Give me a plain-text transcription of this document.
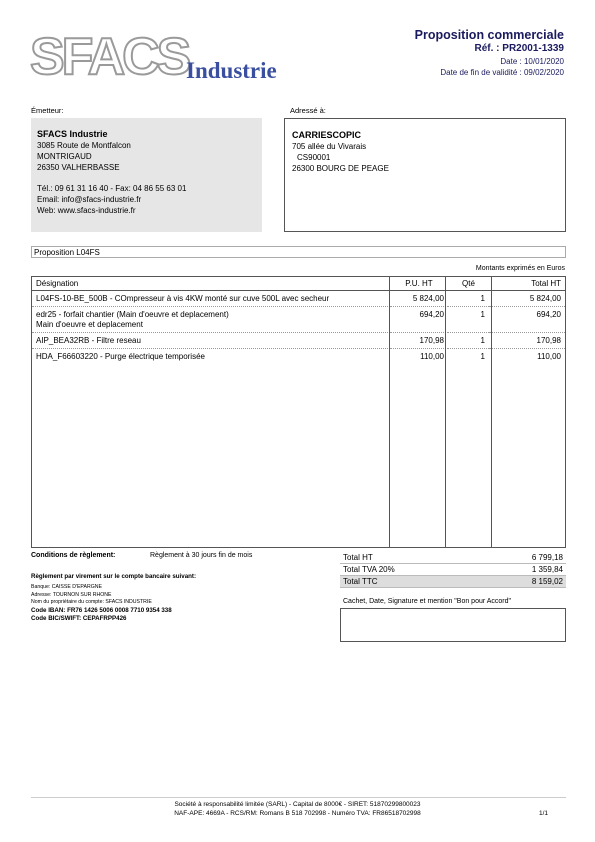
SFACS
Industrie
Proposition commerciale
Réf. : PR2001-1339
Date : 10/01/2020
Date de fin de validité : 09/02/2020
Émetteur:
SFACS Industrie
3085 Route de Montfalcon
MONTRIGAUD
26350 VALHERBASSE
Tél.: 09 61 31 16 40 - Fax: 04 86 55 63 01
Email: info@sfacs-industrie.fr
Web: www.sfacs-industrie.fr
Adressé à:
CARRIESCOPIC
705 allée du Vivarais
CS90001
26300 BOURG DE PEAGE
Proposition L04FS
Montants exprimés en Euros
Désignation	P.U. HT	Qté	Total HT
L04FS-10-BE_500B - COmpresseur à vis 4KW monté sur cuve 500L avec secheur	5 824,00	1	5 824,00

edr25 - forfait chantier (Main d'oeuvre et deplacement)
Main d'oeuvre et deplacement	694,20	1	694,20
AIP_BEA32RB - Filtre reseau	170,98	1	170,98
HDA_F66603220 - Purge électrique temporisée	110,00	1	110,00
Conditions de règlement:	Règlement à 30 jours fin de mois
Règlement par virement sur le compte bancaire suivant:
Banque: CAISSE D'EPARGNE
Adresse: TOURNON SUR RHONE
Nom du propriétaire du compte: SFACS INDUSTRIE
Code IBAN: FR76 1426 5006 0008 7710 9354 338
Code BIC/SWIFT: CEPAFRPP426
Total HT	6 799,18
Total TVA 20%	1 359,84
Total TTC	8 159,02
Cachet, Date, Signature et mention "Bon pour Accord"
Société à responsabilité limitée (SARL) - Capital de 8000€ - SIRET: 51870299800023
NAF-APE: 4669A - RCS/RM: Romans B 518 702998 - Numéro TVA: FR86518702998	1/1
